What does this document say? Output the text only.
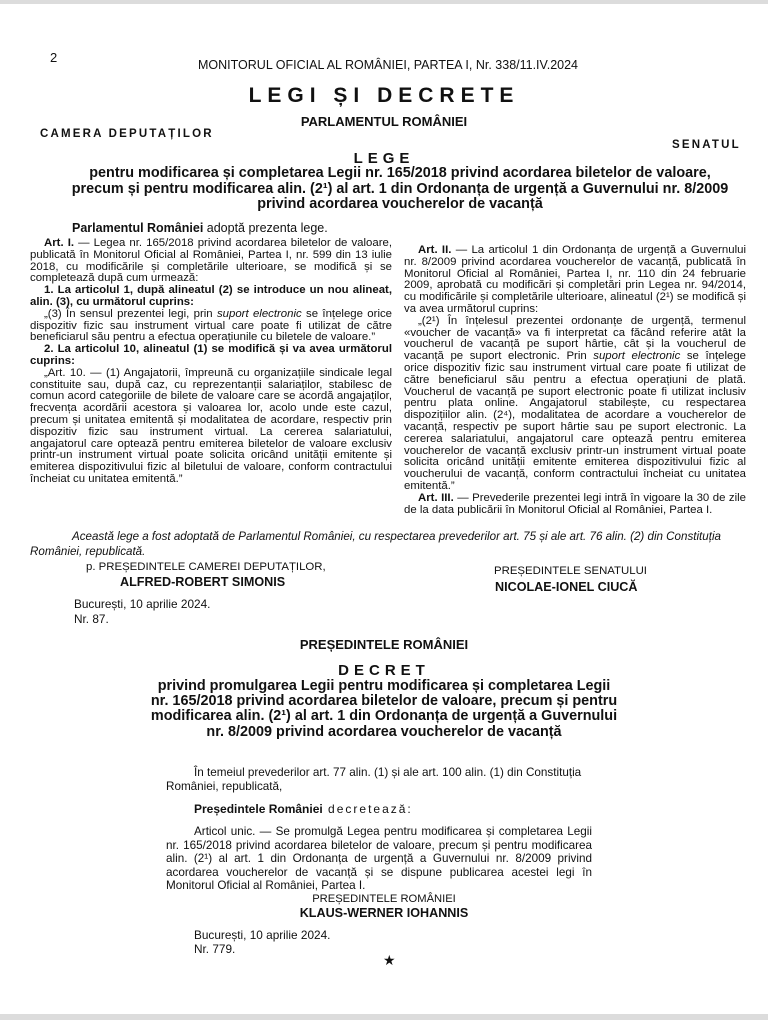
2	MONITORUL OFICIAL AL ROMÂNIEI, PARTEA I, Nr. 338/11.IV.2024
LEGI ȘI DECRETE
PARLAMENTUL ROMÂNIEI
CAMERA DEPUTAȚILOR
SENATUL
LEGE
pentru modificarea și completarea Legii nr. 165/2018 privind acordarea biletelor de valoare, precum și pentru modificarea alin. (2¹) al art. 1 din Ordonanța de urgență a Guvernului nr. 8/2009 privind acordarea voucherelor de vacanță
Parlamentul României adoptă prezenta lege.

Art. I. — Legea nr. 165/2018 privind acordarea biletelor de valoare, publicată în Monitorul Oficial al României, Partea I, nr. 599 din 13 iulie 2018, cu modificările și completările ulterioare, se modifică și se completează după cum urmează:

1. La articolul 1, după alineatul (2) se introduce un nou alineat, alin. (3), cu următorul cuprins:

„(3) În sensul prezentei legi, prin suport electronic se înțelege orice dispozitiv fizic sau instrument virtual care poate fi utilizat de către beneficiarul său pentru a efectua operațiunile cu biletele de valoare.”

2. La articolul 10, alineatul (1) se modifică și va avea următorul cuprins:

„Art. 10. — (1) Angajatorii, împreună cu organizațiile sindicale legal constituite sau, după caz, cu reprezentanții salariaților, stabilesc de comun acord categoriile de bilete de valoare care se acordă angajaților, frecvența acordării acestora și valoarea lor, acolo unde este cazul, precum și unitatea emitentă și modalitatea de acordare, respectiv prin dispozitiv fizic sau instrument virtual. La cererea salariatului, angajatorul care optează pentru emiterea biletelor de valoare exclusiv printr-un instrument virtual poate solicita oricând unității emitente și emiterea dispozitivului fizic al biletului de valoare, conform contractului încheiat cu unitatea emitentă.”

Art. II. — La articolul 1 din Ordonanța de urgență a Guvernului nr. 8/2009 privind acordarea voucherelor de vacanță, publicată în Monitorul Oficial al României, Partea I, nr. 110 din 24 februarie 2009, aprobată cu modificări și completări prin Legea nr. 94/2014, cu modificările și completările ulterioare, alineatul (2¹) se modifică și va avea următorul cuprins:

„(2¹) În înțelesul prezentei ordonanțe de urgență, termenul «voucher de vacanță» va fi interpretat ca făcând referire atât la voucherul de vacanță pe suport hârtie, cât și la voucherul de vacanță pe suport electronic. Prin suport electronic se înțelege orice dispozitiv fizic sau instrument virtual care poate fi utilizat de către beneficiarul său pentru a efectua operațiuni de plată. Voucherul de vacanță pe suport electronic poate fi utilizat inclusiv pentru plata online. Angajatorul stabilește, cu respectarea dispozițiilor alin. (2⁴), modalitatea de acordare a voucherelor de vacanță, respectiv pe suport hârtie sau pe suport electronic. La cererea salariatului, angajatorul care optează pentru emiterea voucherelor de vacanță exclusiv printr-un instrument virtual poate solicita oricând unității emitente emiterea dispozitivului fizic al voucherului de vacanță, conform contractului încheiat cu unitatea emitentă.”

Art. III. — Prevederile prezentei legi intră în vigoare la 30 de zile de la data publicării în Monitorul Oficial al României, Partea I.

Această lege a fost adoptată de Parlamentul României, cu respectarea prevederilor art. 75 și ale art. 76 alin. (2) din Constituția României, republicată.
p. PREȘEDINTELE CAMEREI DEPUTAȚILOR,
ALFRED-ROBERT SIMONIS
PREȘEDINTELE SENATULUI
NICOLAE-IONEL CIUCĂ
București, 10 aprilie 2024.
Nr. 87.
PREȘEDINTELE ROMÂNIEI
DECRET
privind promulgarea Legii pentru modificarea și completarea Legii nr. 165/2018 privind acordarea biletelor de valoare, precum și pentru modificarea alin. (2¹) al art. 1 din Ordonanța de urgență a Guvernului nr. 8/2009 privind acordarea voucherelor de vacanță
În temeiul prevederilor art. 77 alin. (1) și ale art. 100 alin. (1) din Constituția României, republicată,
Președintele României decretează:
Articol unic. — Se promulgă Legea pentru modificarea și completarea Legii nr. 165/2018 privind acordarea biletelor de valoare, precum și pentru modificarea alin. (2¹) al art. 1 din Ordonanța de urgență a Guvernului nr. 8/2009 privind acordarea voucherelor de vacanță și se dispune publicarea acestei legi în Monitorul Oficial al României, Partea I.
PREȘEDINTELE ROMÂNIEI
KLAUS-WERNER IOHANNIS
București, 10 aprilie 2024.
Nr. 779.
★
